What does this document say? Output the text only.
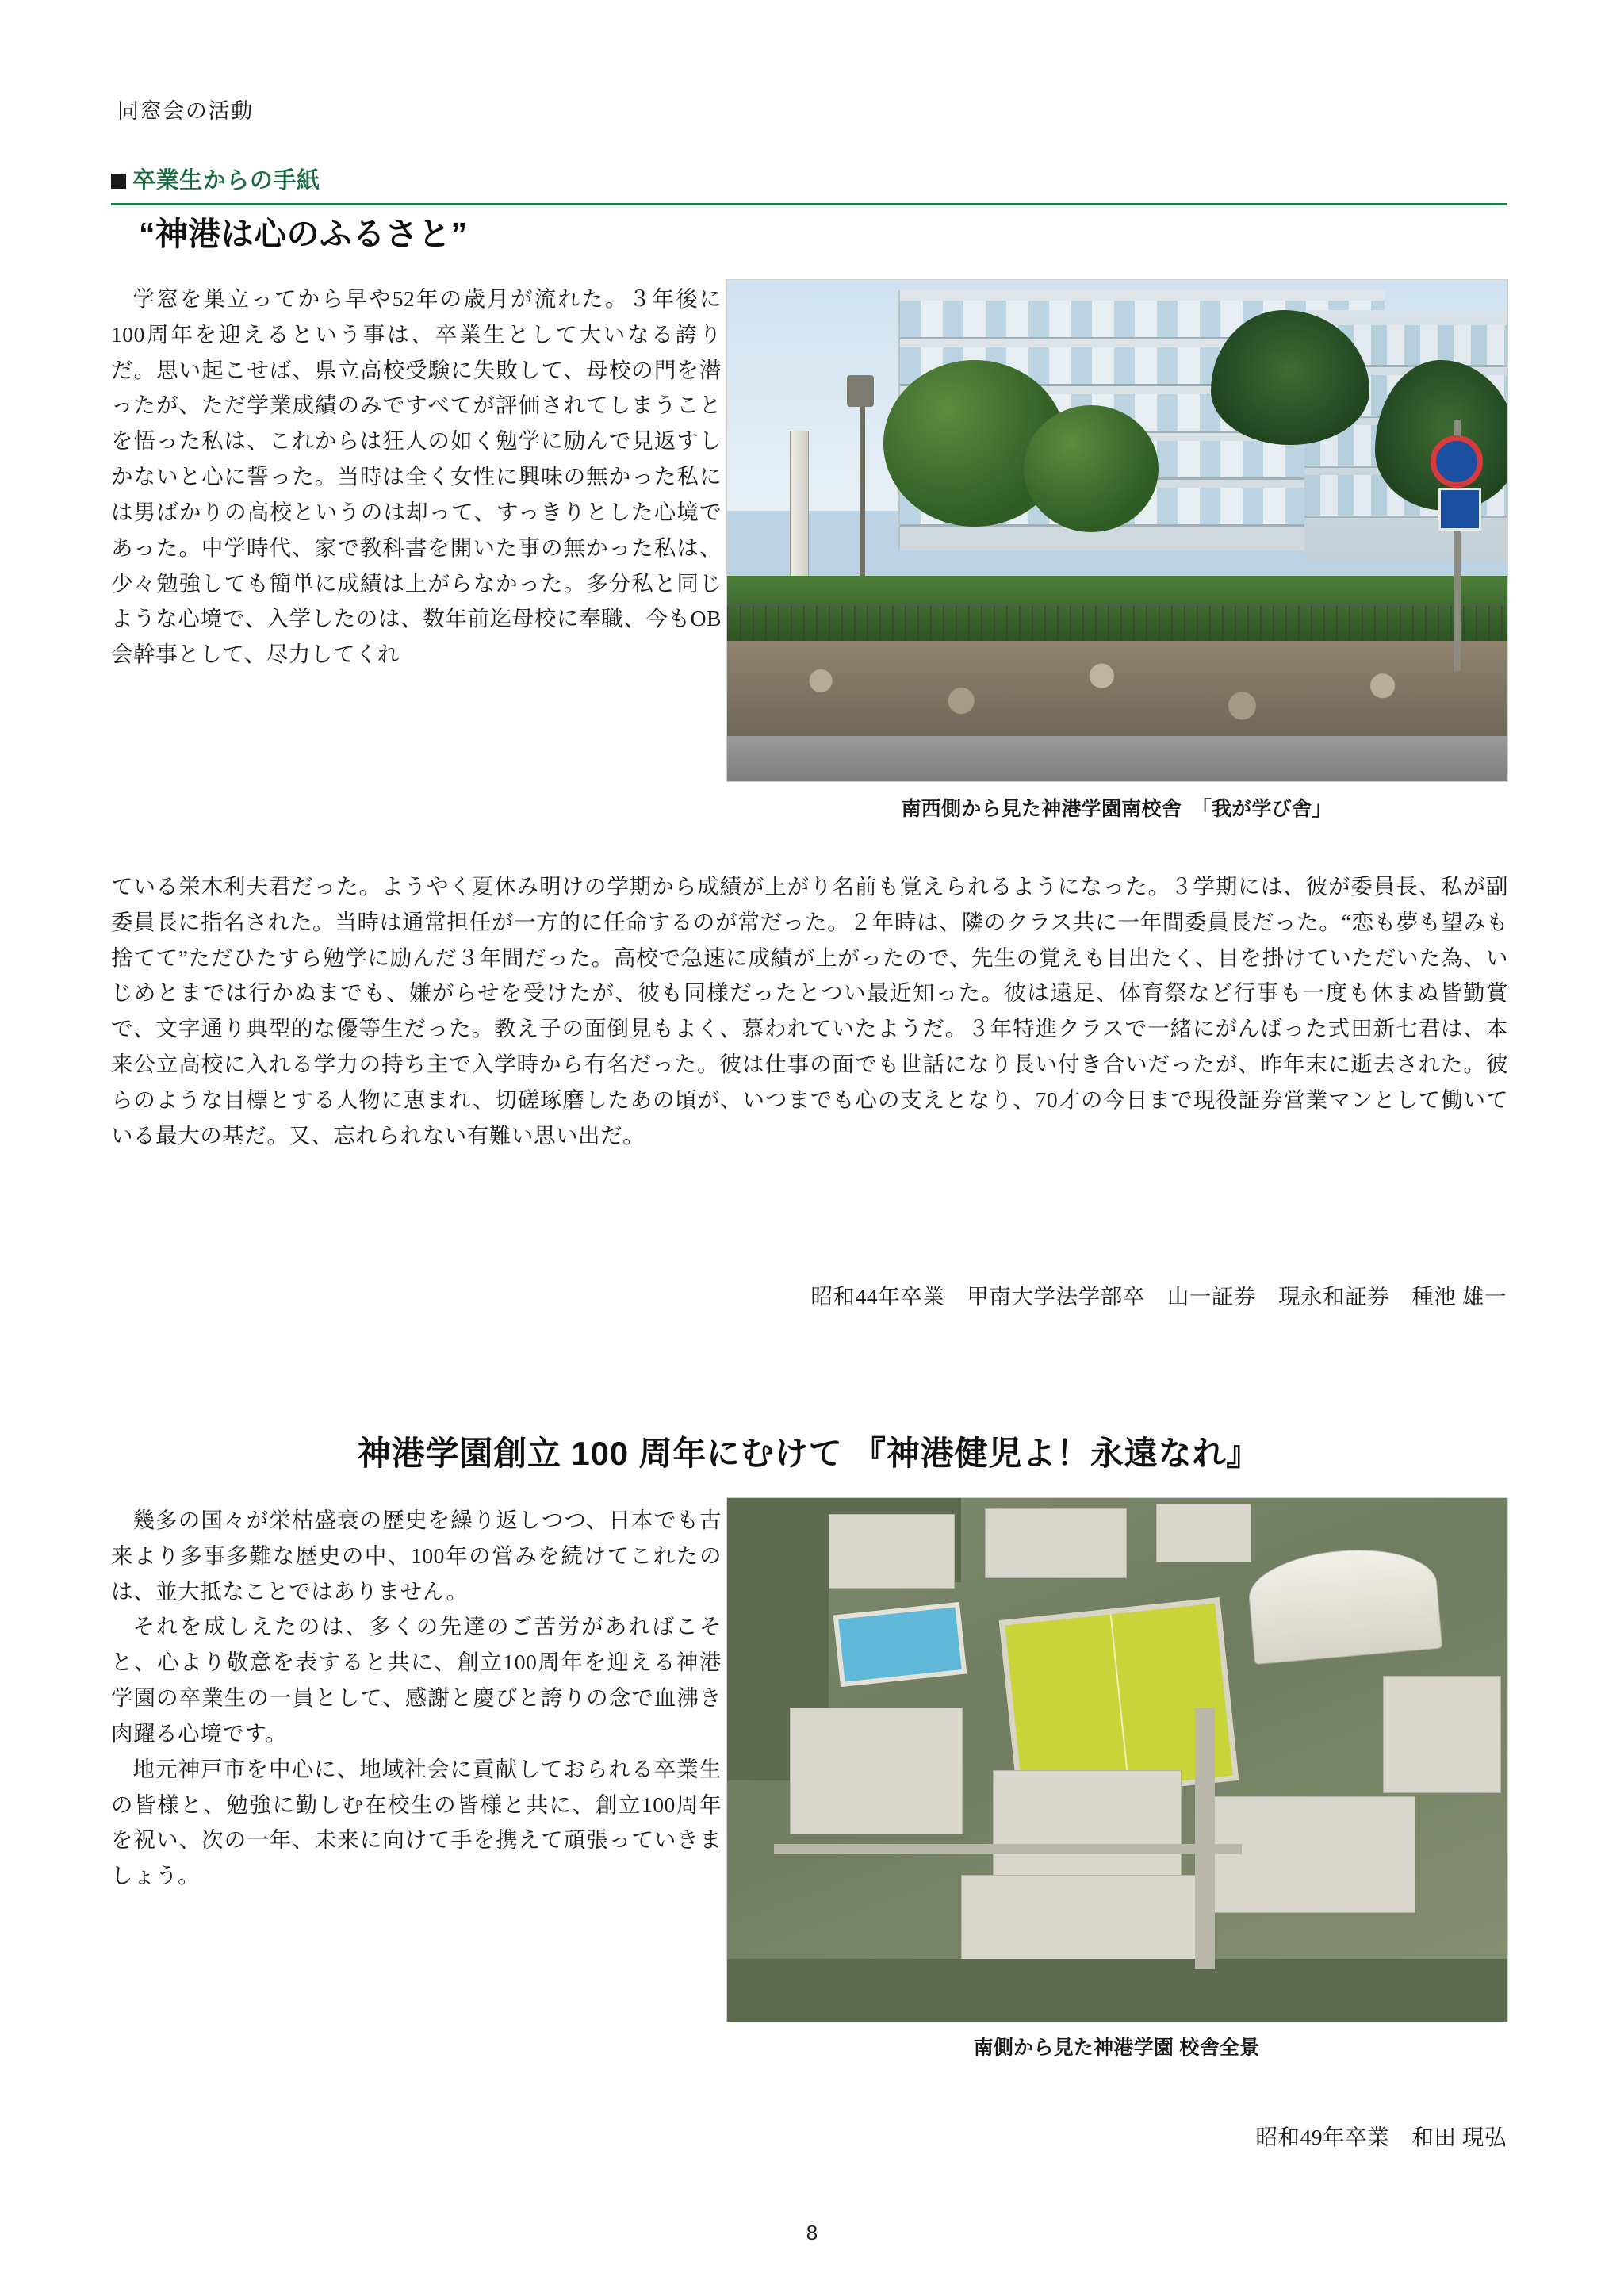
同窓会の活動
卒業生からの手紙
“神港は心のふるさと”

学窓を巣立ってから早や52年の歳月が流れた。３年後に100周年を迎えるという事は、卒業生として大いなる誇りだ。思い起こせば、県立高校受験に失敗して、母校の門を潜ったが、ただ学業成績のみですべてが評価されてしまうことを悟った私は、これからは狂人の如く勉学に励んで見返すしかないと心に誓った。当時は全く女性に興味の無かった私には男ばかりの高校というのは却って、すっきりとした心境であった。中学時代、家で教科書を開いた事の無かった私は、少々勉強しても簡単に成績は上がらなかった。多分私と同じような心境で、入学したのは、数年前迄母校に奉職、今もOB会幹事として、尽力してくれ

南西側から見た神港学園南校舎　「我が学び舎」

ている栄木利夫君だった。ようやく夏休み明けの学期から成績が上がり名前も覚えられるようになった。３学期には、彼が委員長、私が副委員長に指名された。当時は通常担任が一方的に任命するのが常だった。２年時は、隣のクラス共に一年間委員長だった。“恋も夢も望みも捨てて”ただひたすら勉学に励んだ３年間だった。高校で急速に成績が上がったので、先生の覚えも目出たく、目を掛けていただいた為、いじめとまでは行かぬまでも、嫌がらせを受けたが、彼も同様だったとつい最近知った。彼は遠足、体育祭など行事も一度も休まぬ皆勤賞で、文字通り典型的な優等生だった。教え子の面倒見もよく、慕われていたようだ。３年特進クラスで一緒にがんばった式田新七君は、本来公立高校に入れる学力の持ち主で入学時から有名だった。彼は仕事の面でも世話になり長い付き合いだったが、昨年末に逝去された。彼らのような目標とする人物に恵まれ、切磋琢磨したあの頃が、いつまでも心の支えとなり、70才の今日まで現役証券営業マンとして働いている最大の基だ。又、忘れられない有難い思い出だ。

昭和44年卒業　甲南大学法学部卒　山一証券　現永和証券　種池 雄一
神港学園創立 100 周年にむけて 『神港健児よ！永遠なれ』

幾多の国々が栄枯盛衰の歴史を繰り返しつつ、日本でも古来より多事多難な歴史の中、100年の営みを続けてこれたのは、並大抵なことではありません。

それを成しえたのは、多くの先達のご苦労があればこそと、心より敬意を表すると共に、創立100周年を迎える神港学園の卒業生の一員として、感謝と慶びと誇りの念で血沸き肉躍る心境です。

地元神戸市を中心に、地域社会に貢献しておられる卒業生の皆様と、勉強に勤しむ在校生の皆様と共に、創立100周年を祝い、次の一年、未来に向けて手を携えて頑張っていきましょう。

南側から見た神港学園 校舎全景
昭和49年卒業　和田 現弘
8
